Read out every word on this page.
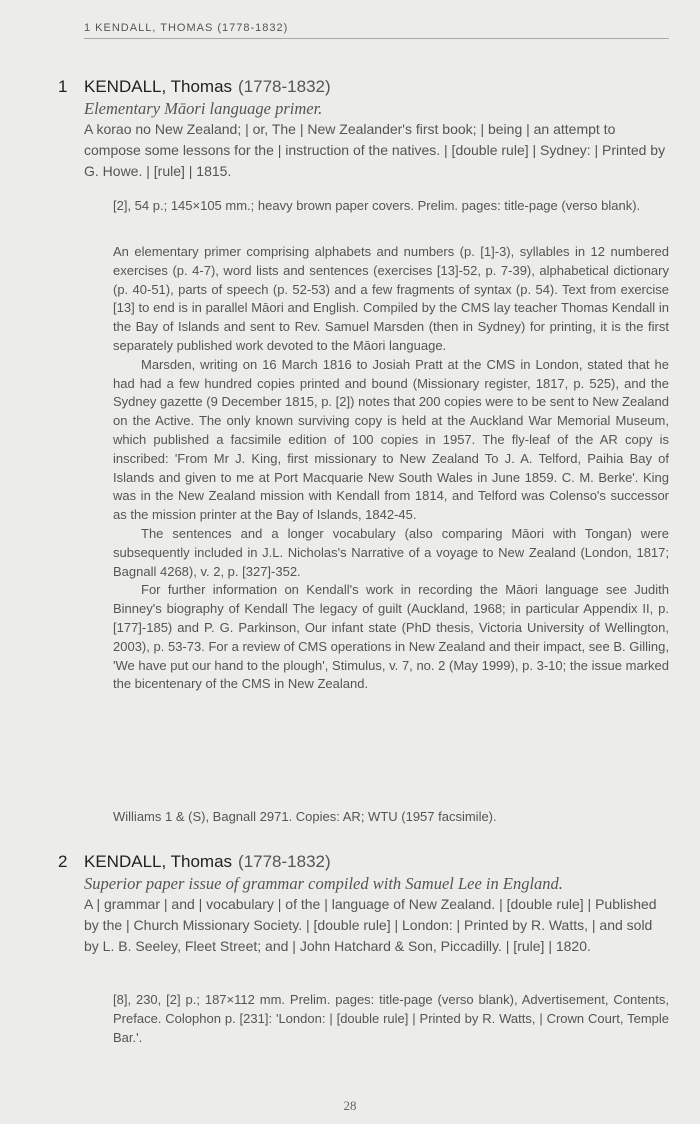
1 KENDALL, THOMAS (1778-1832)
1 KENDALL, Thomas (1778-1832)
Elementary Māori language primer.

A korao no New Zealand; | or, The | New Zealander's first book; | being | an attempt to compose some lessons for the | instruction of the natives. | [double rule] | Sydney: | Printed by G. Howe. | [rule] | 1815.

[2], 54 p.; 145×105 mm.; heavy brown paper covers. Prelim. pages: title-page (verso blank).

An elementary primer comprising alphabets and numbers (p. [1]-3), syllables in 12 numbered exercises (p. 4-7), word lists and sentences (exercises [13]-52, p. 7-39), alphabetical dictionary (p. 40-51), parts of speech (p. 52-53) and a few fragments of syntax (p. 54). Text from exercise [13] to end is in parallel Māori and English. Compiled by the CMS lay teacher Thomas Kendall in the Bay of Islands and sent to Rev. Samuel Marsden (then in Sydney) for printing, it is the first separately published work devoted to the Māori language.

Marsden, writing on 16 March 1816 to Josiah Pratt at the CMS in London, stated that he had had a few hundred copies printed and bound (Missionary register, 1817, p. 525), and the Sydney gazette (9 December 1815, p. [2]) notes that 200 copies were to be sent to New Zealand on the Active. The only known surviving copy is held at the Auckland War Memorial Museum, which published a facsimile edition of 100 copies in 1957. The fly-leaf of the AR copy is inscribed: 'From Mr J. King, first missionary to New Zealand To J. A. Telford, Paihia Bay of Islands and given to me at Port Macquarie New South Wales in June 1859. C. M. Berke'. King was in the New Zealand mission with Kendall from 1814, and Telford was Colenso's successor as the mission printer at the Bay of Islands, 1842-45.

The sentences and a longer vocabulary (also comparing Māori with Tongan) were subsequently included in J.L. Nicholas's Narrative of a voyage to New Zealand (London, 1817; Bagnall 4268), v. 2, p. [327]-352.

For further information on Kendall's work in recording the Māori language see Judith Binney's biography of Kendall The legacy of guilt (Auckland, 1968; in particular Appendix II, p. [177]-185) and P. G. Parkinson, Our infant state (PhD thesis, Victoria University of Wellington, 2003), p. 53-73. For a review of CMS operations in New Zealand and their impact, see B. Gilling, 'We have put our hand to the plough', Stimulus, v. 7, no. 2 (May 1999), p. 3-10; the issue marked the bicentenary of the CMS in New Zealand.

Williams 1 & (S), Bagnall 2971. Copies: AR; WTU (1957 facsimile).

2 KENDALL, Thomas (1778-1832)
Superior paper issue of grammar compiled with Samuel Lee in England.

A | grammar | and | vocabulary | of the | language of New Zealand. | [double rule] | Published by the | Church Missionary Society. | [double rule] | London: | Printed by R. Watts, | and sold by L. B. Seeley, Fleet Street; and | John Hatchard & Son, Piccadilly. | [rule] | 1820.

[8], 230, [2] p.; 187×112 mm. Prelim. pages: title-page (verso blank), Advertisement, Contents, Preface. Colophon p. [231]: 'London: | [double rule] | Printed by R. Watts, | Crown Court, Temple Bar.'.

28
